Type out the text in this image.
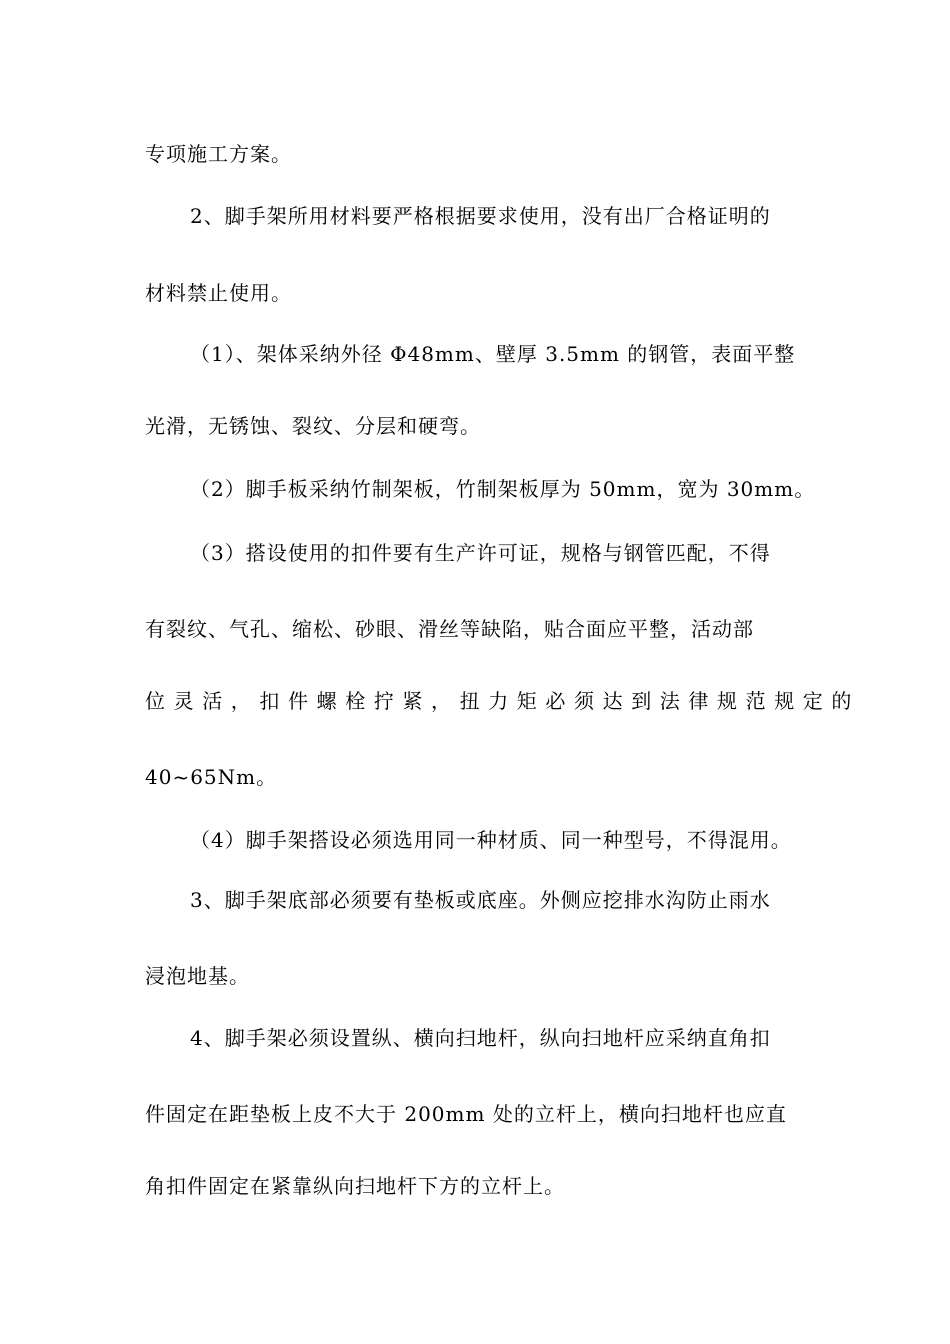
专项施工方案。
2、脚手架所用材料要严格根据要求使用，没有出厂合格证明的
材料禁止使用。
（1）、架体采纳外径 Φ48mm、壁厚 3.5mm 的钢管，表面平整
光滑，无锈蚀、裂纹、分层和硬弯。
（2）脚手板采纳竹制架板，竹制架板厚为 50mm，宽为 30mm。
（3）搭设使用的扣件要有生产许可证，规格与钢管匹配，不得
有裂纹、气孔、缩松、砂眼、滑丝等缺陷，贴合面应平整，活动部
位灵活，扣件螺栓拧紧，扭力矩必须达到法律规范规定的
40~65Nm。
（4）脚手架搭设必须选用同一种材质、同一种型号，不得混用。
3、脚手架底部必须要有垫板或底座。外侧应挖排水沟防止雨水
浸泡地基。
4、脚手架必须设置纵、横向扫地杆，纵向扫地杆应采纳直角扣
件固定在距垫板上皮不大于 200mm 处的立杆上，横向扫地杆也应直
角扣件固定在紧靠纵向扫地杆下方的立杆上。
